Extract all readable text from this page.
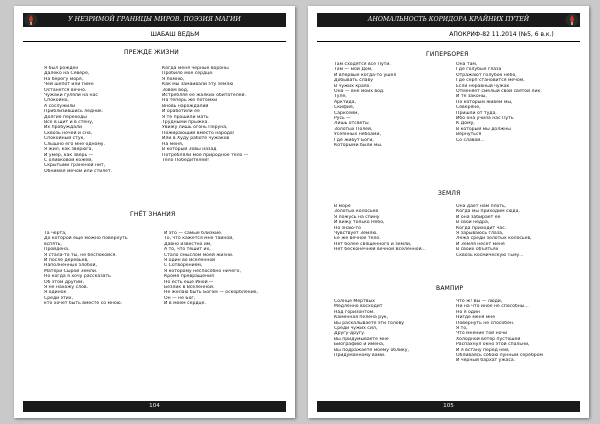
У НЕЗРИМОЙ ГРАНИЦЫ МИРОВ. ПОЭЗИЯ МАГИИ
ШАБАШ ВЕДЬМ
ПРЕЖДЕ ЖИЗНИ
Я был рождён
Далеко на Севере,
На берегу моря,
Чей шепот или гимн
Останется вечно.
Чужаки гуляли на нас
Спокойно,
А сослужили
Приблизившись ледник.
Долгие переходы
Всё в щит и в стену,
Их пробуждали
Сквозь ночей и сна,
Спокойный стук,
Слышно его мне одному.
Я жил, как зверюга,
И умер, как зверь —
С оливковой кожей,
Скрытыми граненой нит,
Обнимая мечом или стилет.
Когда меня черные вороны
Пробило моё сердце.
Я помню,
Как мы замаивали эту землю
Зовом вод,
Истребляя её жалких обитателей.
На теперь же потомки
Вновь нарождалий
И оработили её
Я те прошили мать
Трудными прыжка.
Увижу лишь огонь Перуна,
Пожирающий вместо народа!
Или в Худу работе чужаков
На меня,
В который Зовы назад
Потребляли моё природное тело —
Тело Победителей!
ГНЁТ ЗНАНИЯ
Та чертa,
До которой ещё можно повернуть
вспять,
Пройдена.
Я стала-то ты, не беспокойся.
И после деревьев,
Наполненных злобой,
Матери Сырой Земли.
Но когда я хочу рассказать
Об этом другим,
Я не нахожу слов.
Я одинок
Среди этих,
кто хочет быть вместе со мною.
И это — самые близкие.
То, что кажется мне тайной,
Давно известно им,
А то, что тешит их,
Стало смыслом моей жизни.
Я один во Вселенной
С Сотворением,
Я которому неспособно ничего,
Кроме превращения
Но есть ещё Иной —
Безлик в Вселенной.
Не желаю быть Богом — оскорбление,
Он — не Бог,
И в моём сердце.
104
АНОМАЛЬНОСТЬ КОРИДОРА КРАЙНИХ ПУТЕЙ
АПОКРИФ-82 11.2014 (№5, 6 в.к.)
ГИПЕРБОРЕЯ
Там сходятся все Пути.
Там — мой Дом,
И впервые когда-то ушёл
Добывать славу
В чужих краях.
Она — вне моих вод.
Туле,
Арктида,
Скифия,
Сарксейм,
Русь —
Лишь отсветы
Золотых Полей,
Усеянных небоами,
Где живут Боги,
Которыми были мы.
Она там,
Где голубые глаза
Отражают голубое небо,
Где серп становится мечом,
Если неравный чужак
Отменяет смелый свой святой лик.
И те законы,
По которым живём мы,
Северяне,
Пришли от туда,
Ибо она учила нас Путь
К Дому,
В который мы должны
Вернуться
Со славой...
ЗЕМЛЯ
В море
Золотых колосьев
Я ложусь на спину
И вижу только Небо,
Но знаю-то
Чувствует Землю.
Её же вечное тело.
Нет более священного и земли,
Нет бесконечней вечной Вселенной...
Она даёт нам плоть,
Когда мы приходим сюда,
И она забирает её
В свои недра,
Когда приходит час.
Я зарываюсь глаза,
Лёжа среди золотых колосьев,
И Земля несёт меня
В своих объятьях
Сквозь космическую Тьму...
ВАМПИР
Солнце Мёртвых
Медленно восходит
Над горизонтом.
Каменная пелена рук,
Вы раскалываете эти голову
Среди чужих сил,
Другу-другу.
Вы придумываете мне
Биографию и имена,
Вы подражаете моему облику,
Придуманному вами.
Что ж! Вы — люди,
Ни на что иное не способны...
Но я один
Нигде меня мне
Повернуть не способен.
Я то,
Что мнение той ночи
Холодной ветер пустошей
Распахнул окно этой спальни,
И я встану перед ней,
Обливаясь собою лунным серебром
И чёрный бархат ужаса.
105
